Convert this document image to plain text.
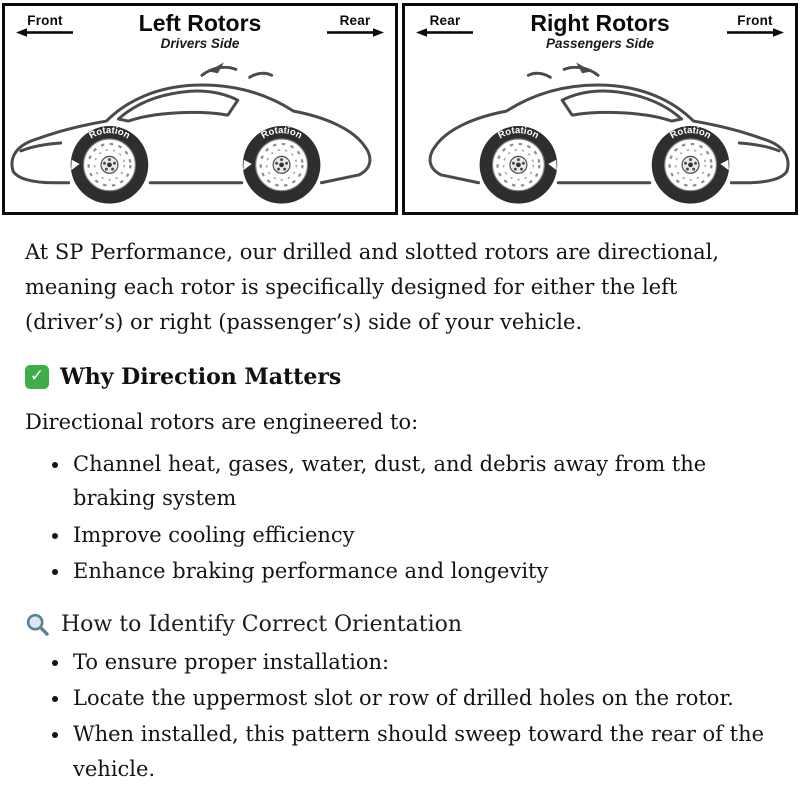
Front	Left Rotors
Drivers Side
Rear
Rotation	Rotation
Rear	Right Rotors
Passengers Side
Front
Rotation
Rotation

At SP Performance, our drilled and slotted rotors are directional, meaning each rotor is specifically designed for either the left (driver’s) or right (passenger’s) side of your vehicle.

✓ Why Direction Matters

Directional rotors are engineered to:

• Channel heat, gases, water, dust, and debris away from the braking system
• Improve cooling efficiency
• Enhance braking performance and longevity
How to Identify Correct Orientation
• To ensure proper installation:
• Locate the uppermost slot or row of drilled holes on the rotor.
• When installed, this pattern should sweep toward the rear of the vehicle.
